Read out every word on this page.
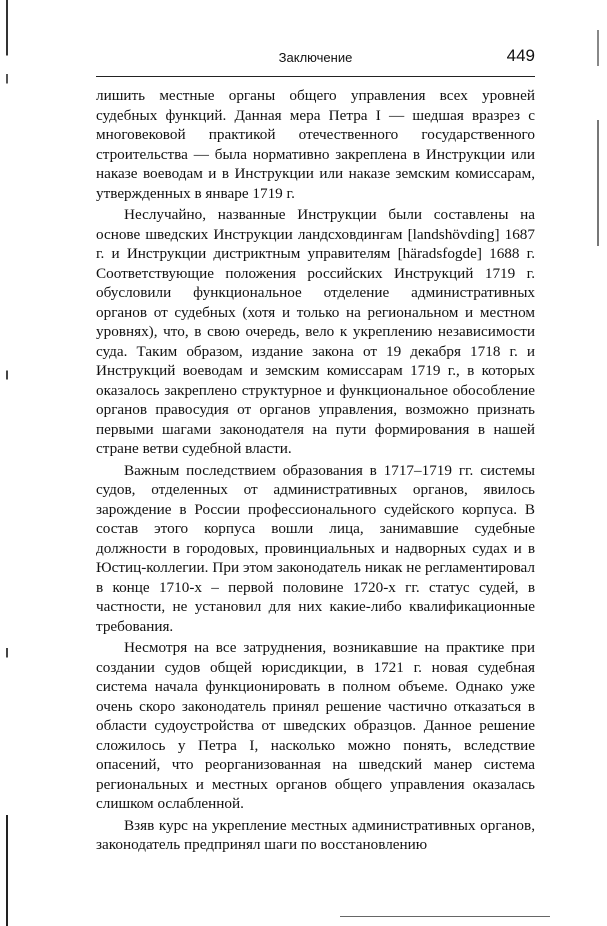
Заключение	449

лишить местные органы общего управления всех уровней судебных функций. Данная мера Петра I — шедшая вразрез с многовековой практикой отечественного государственного строительства — была нормативно закреплена в Инструкции или наказе воеводам и в Инструкции или наказе земским комиссарам, утвержденных в январе 1719 г.

Неслучайно, названные Инструкции были составлены на основе шведских Инструкции ландсховдингам [landshövding] 1687 г. и Инструкции дистриктным управителям [häradsfogde] 1688 г. Соответствующие положения российских Инструкций 1719 г. обусловили функциональное отделение административных органов от судебных (хотя и только на региональном и местном уровнях), что, в свою очередь, вело к укреплению независимости суда. Таким образом, издание закона от 19 декабря 1718 г. и Инструкций воеводам и земским комиссарам 1719 г., в которых оказалось закреплено структурное и функциональное обособление органов правосудия от органов управления, возможно признать первыми шагами законодателя на пути формирования в нашей стране ветви судебной власти.

Важным последствием образования в 1717–1719 гг. системы судов, отделенных от административных органов, явилось зарождение в России профессионального судейского корпуса. В состав этого корпуса вошли лица, занимавшие судебные должности в городовых, провинциальных и надворных судах и в Юстиц-коллегии. При этом законодатель никак не регламентировал в конце 1710-х – первой половине 1720-х гг. статус судей, в частности, не установил для них какие-либо квалификационные требования.

Несмотря на все затруднения, возникавшие на практике при создании судов общей юрисдикции, в 1721 г. новая судебная система начала функционировать в полном объеме. Однако уже очень скоро законодатель принял решение частично отказаться в области судоустройства от шведских образцов. Данное решение сложилось у Петра I, насколько можно понять, вследствие опасений, что реорганизованная на шведский манер система региональных и местных органов общего управления оказалась слишком ослабленной.

Взяв курс на укрепление местных административных органов, законодатель предпринял шаги по восстановлению
